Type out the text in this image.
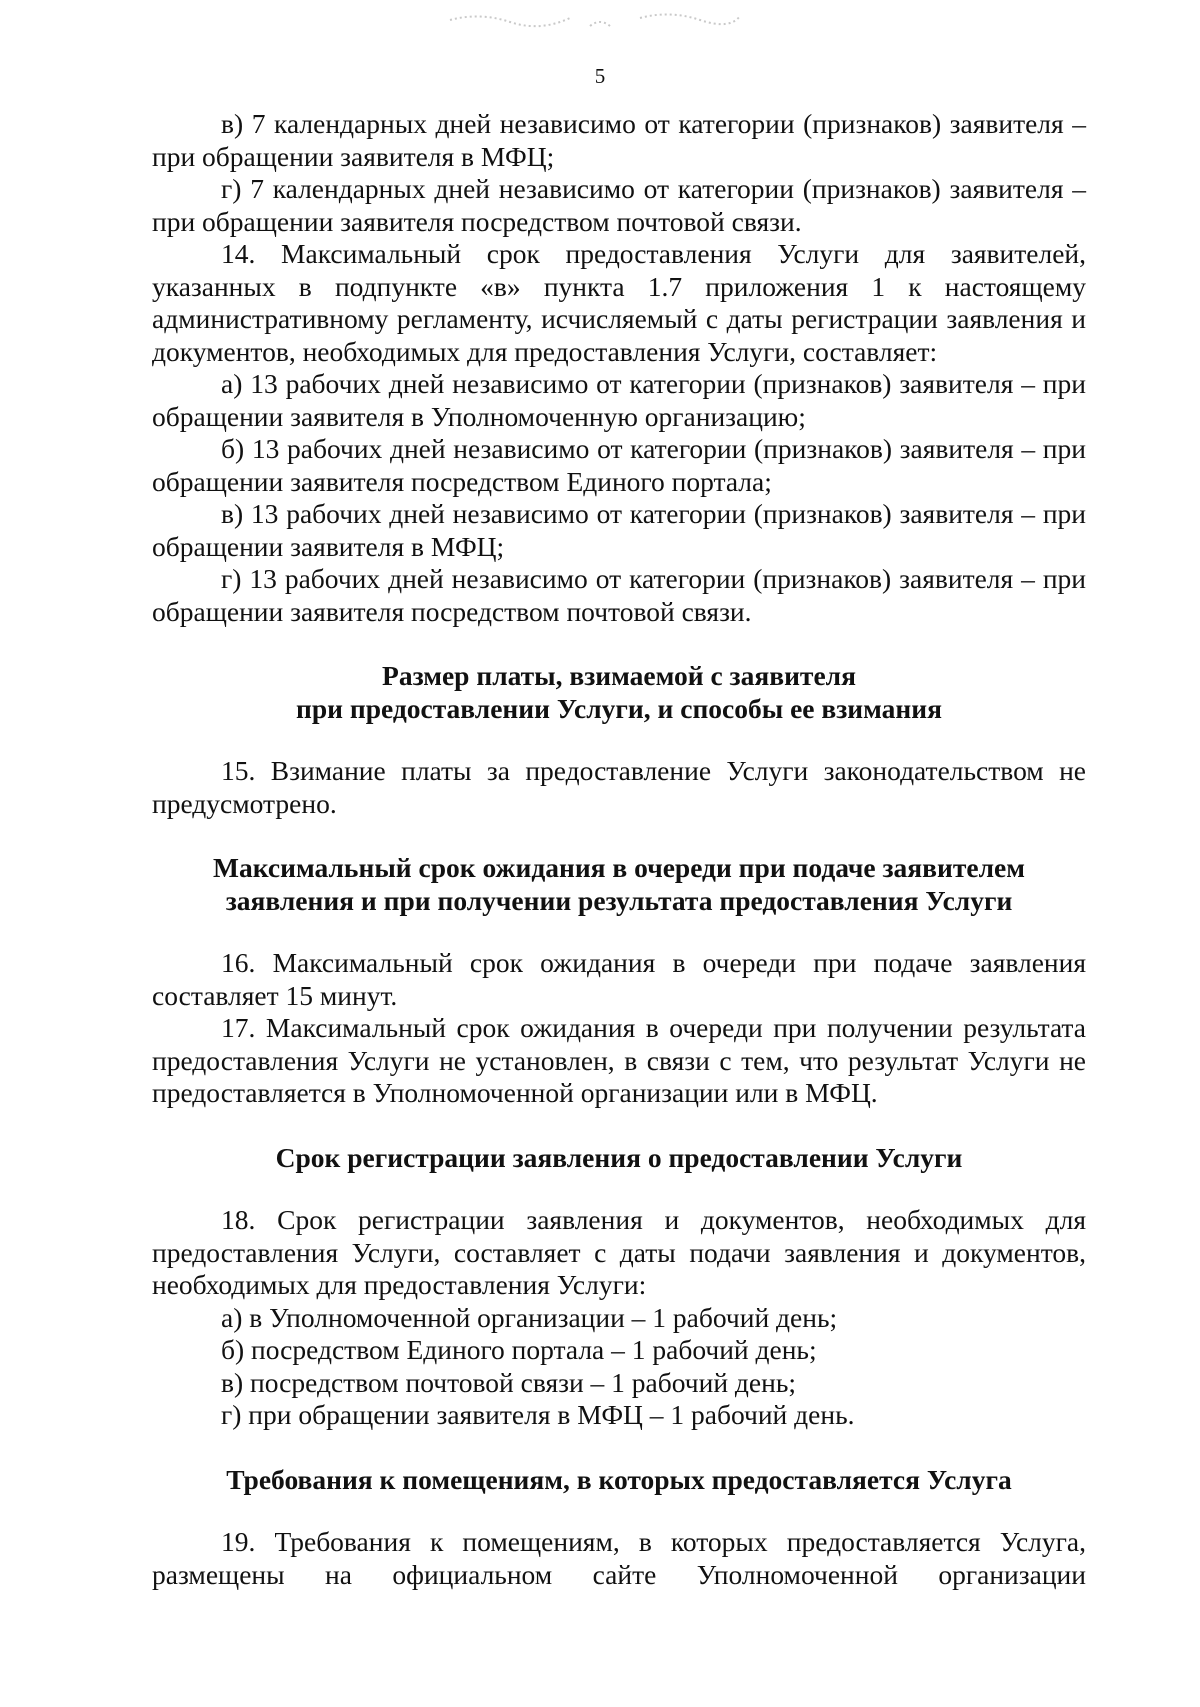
5

в) 7 календарных дней независимо от категории (признаков) заявителя – при обращении заявителя в МФЦ;

г) 7 календарных дней независимо от категории (признаков) заявителя – при обращении заявителя посредством почтовой связи.

14. Максимальный срок предоставления Услуги для заявителей, указанных в подпункте «в» пункта 1.7 приложения 1 к настоящему административному регламенту, исчисляемый с даты регистрации заявления и документов, необходимых для предоставления Услуги, составляет:

а) 13 рабочих дней независимо от категории (признаков) заявителя – при обращении заявителя в Уполномоченную организацию;

б) 13 рабочих дней независимо от категории (признаков) заявителя – при обращении заявителя посредством Единого портала;

в) 13 рабочих дней независимо от категории (признаков) заявителя – при обращении заявителя в МФЦ;

г) 13 рабочих дней независимо от категории (признаков) заявителя – при обращении заявителя посредством почтовой связи.

Размер платы, взимаемой с заявителя
при предоставлении Услуги, и способы ее взимания

15. Взимание платы за предоставление Услуги законодательством не предусмотрено.

Максимальный срок ожидания в очереди при подаче заявителем
заявления и при получении результата предоставления Услуги

16. Максимальный срок ожидания в очереди при подаче заявления составляет 15 минут.

17. Максимальный срок ожидания в очереди при получении результата предоставления Услуги не установлен, в связи с тем, что результат Услуги не предоставляется в Уполномоченной организации или в МФЦ.

Срок регистрации заявления о предоставлении Услуги

18. Срок регистрации заявления и документов, необходимых для предоставления Услуги, составляет с даты подачи заявления и документов, необходимых для предоставления Услуги:

а) в Уполномоченной организации – 1 рабочий день;

б) посредством Единого портала – 1 рабочий день;

в) посредством почтовой связи – 1 рабочий день;

г) при обращении заявителя в МФЦ – 1 рабочий день.

Требования к помещениям, в которых предоставляется Услуга

19. Требования к помещениям, в которых предоставляется Услуга, размещены на официальном сайте Уполномоченной организации
